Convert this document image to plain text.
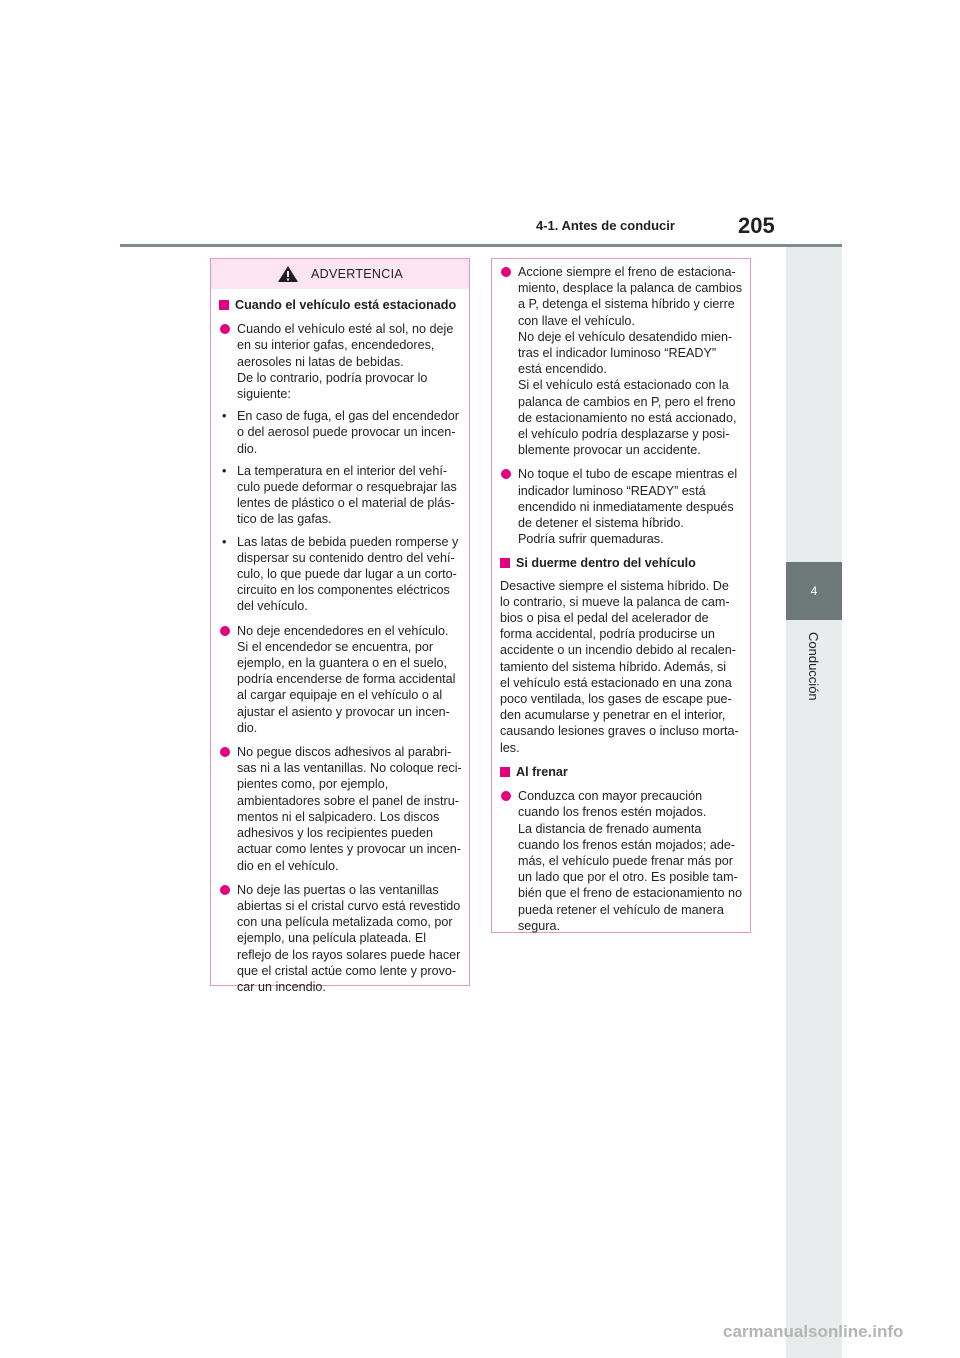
4-1. Antes de conducir	205
4
Conducción
ADVERTENCIA
Cuando el vehículo está estacionado
Cuando el vehículo esté al sol, no deje
en su interior gafas, encendedores,
aerosoles ni latas de bebidas.
De lo contrario, podría provocar lo
siguiente:
• En caso de fuga, el gas del encendedor
o del aerosol puede provocar un incen-
dio.
• La temperatura en el interior del vehí-
culo puede deformar o resquebrajar las
lentes de plástico o el material de plás-
tico de las gafas.
• Las latas de bebida pueden romperse y
dispersar su contenido dentro del vehí-
culo, lo que puede dar lugar a un corto-
circuito en los componentes eléctricos
del vehículo.
No deje encendedores en el vehículo.
Si el encendedor se encuentra, por
ejemplo, en la guantera o en el suelo,
podría encenderse de forma accidental
al cargar equipaje en el vehículo o al
ajustar el asiento y provocar un incen-
dio.
No pegue discos adhesivos al parabri-
sas ni a las ventanillas. No coloque reci-
pientes como, por ejemplo,
ambientadores sobre el panel de instru-
mentos ni el salpicadero. Los discos
adhesivos y los recipientes pueden
actuar como lentes y provocar un incen-
dio en el vehículo.
No deje las puertas o las ventanillas
abiertas si el cristal curvo está revestido
con una película metalizada como, por
ejemplo, una película plateada. El
reflejo de los rayos solares puede hacer
que el cristal actúe como lente y provo-
car un incendio.
Accione siempre el freno de estaciona-
miento, desplace la palanca de cambios
a P, detenga el sistema híbrido y cierre
con llave el vehículo.
No deje el vehículo desatendido mien-
tras el indicador luminoso “READY”
está encendido.
Si el vehículo está estacionado con la
palanca de cambios en P, pero el freno
de estacionamiento no está accionado,
el vehículo podría desplazarse y posi-
blemente provocar un accidente.
No toque el tubo de escape mientras el
indicador luminoso “READY” está
encendido ni inmediatamente después
de detener el sistema híbrido.
Podría sufrir quemaduras.
Si duerme dentro del vehículo
Desactive siempre el sistema híbrido. De
lo contrario, si mueve la palanca de cam-
bios o pisa el pedal del acelerador de
forma accidental, podría producirse un
accidente o un incendio debido al recalen-
tamiento del sistema híbrido. Además, si
el vehículo está estacionado en una zona
poco ventilada, los gases de escape pue-
den acumularse y penetrar en el interior,
causando lesiones graves o incluso morta-
les.
Al frenar
Conduzca con mayor precaución
cuando los frenos estén mojados.
La distancia de frenado aumenta
cuando los frenos están mojados; ade-
más, el vehículo puede frenar más por
un lado que por el otro. Es posible tam-
bién que el freno de estacionamiento no
pueda retener el vehículo de manera
segura.
carmanualsonline.info
